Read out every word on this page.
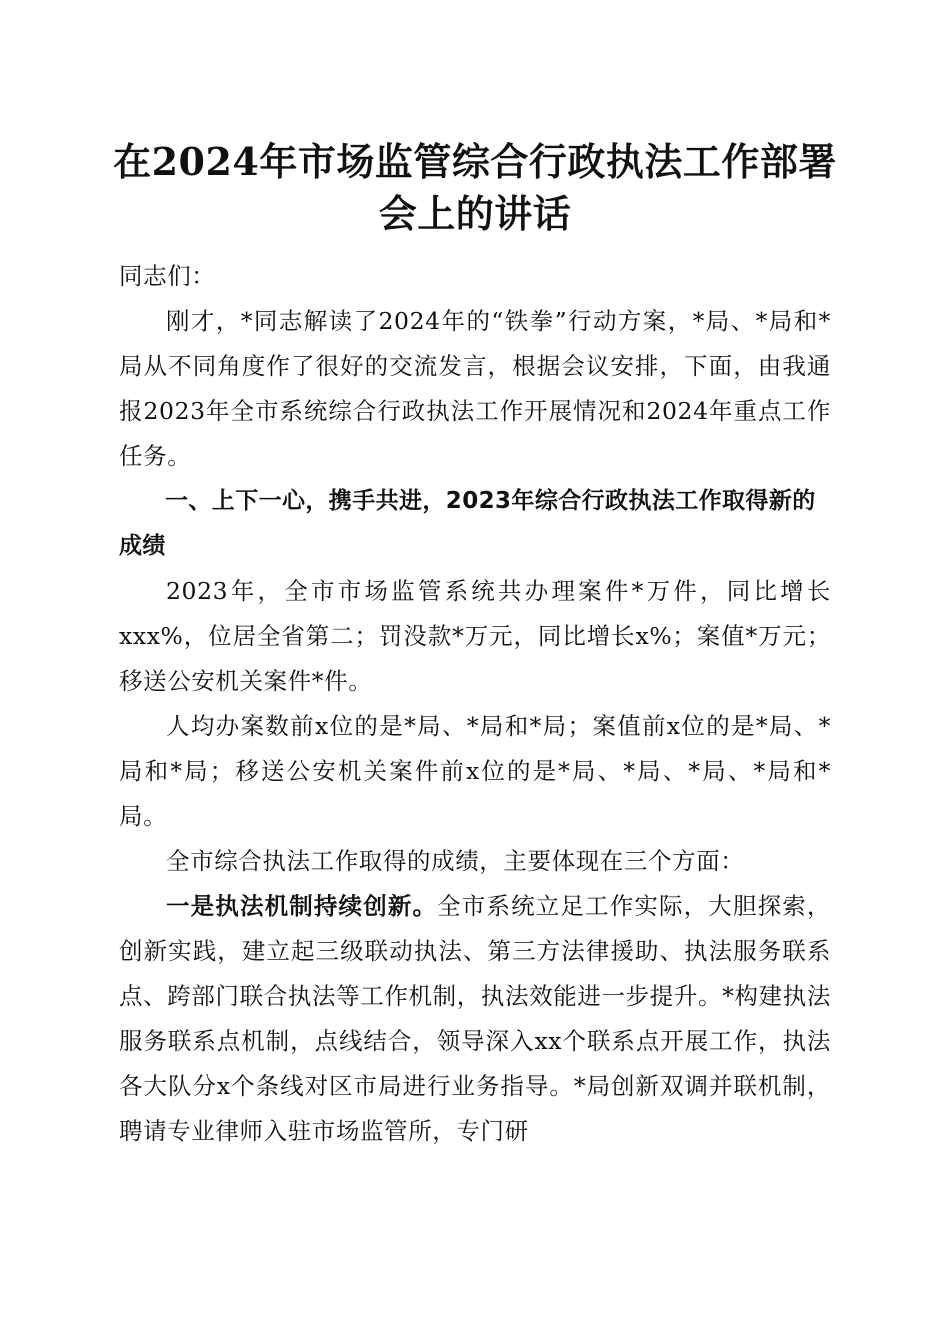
在2024年市场监管综合行政执法工作部署会上的讲话

同志们：

刚才，*同志解读了2024年的“铁拳”行动方案，*局、*局和*局从不同角度作了很好的交流发言，根据会议安排，下面，由我通报2023年全市系统综合行政执法工作开展情况和2024年重点工作任务。

一、上下一心，携手共进，2023年综合行政执法工作取得新的成绩

2023年，全市市场监管系统共办理案件*万件，同比增长xxx%，位居全省第二；罚没款*万元，同比增长x%；案值*万元；移送公安机关案件*件。

人均办案数前x位的是*局、*局和*局；案值前x位的是*局、*局和*局；移送公安机关案件前x位的是*局、*局、*局、*局和*局。

全市综合执法工作取得的成绩，主要体现在三个方面：

一是执法机制持续创新。全市系统立足工作实际，大胆探索，创新实践，建立起三级联动执法、第三方法律援助、执法服务联系点、跨部门联合执法等工作机制，执法效能进一步提升。*构建执法服务联系点机制，点线结合，领导深入xx个联系点开展工作，执法各大队分x个条线对区市局进行业务指导。*局创新双调并联机制，聘请专业律师入驻市场监管所，专门研
